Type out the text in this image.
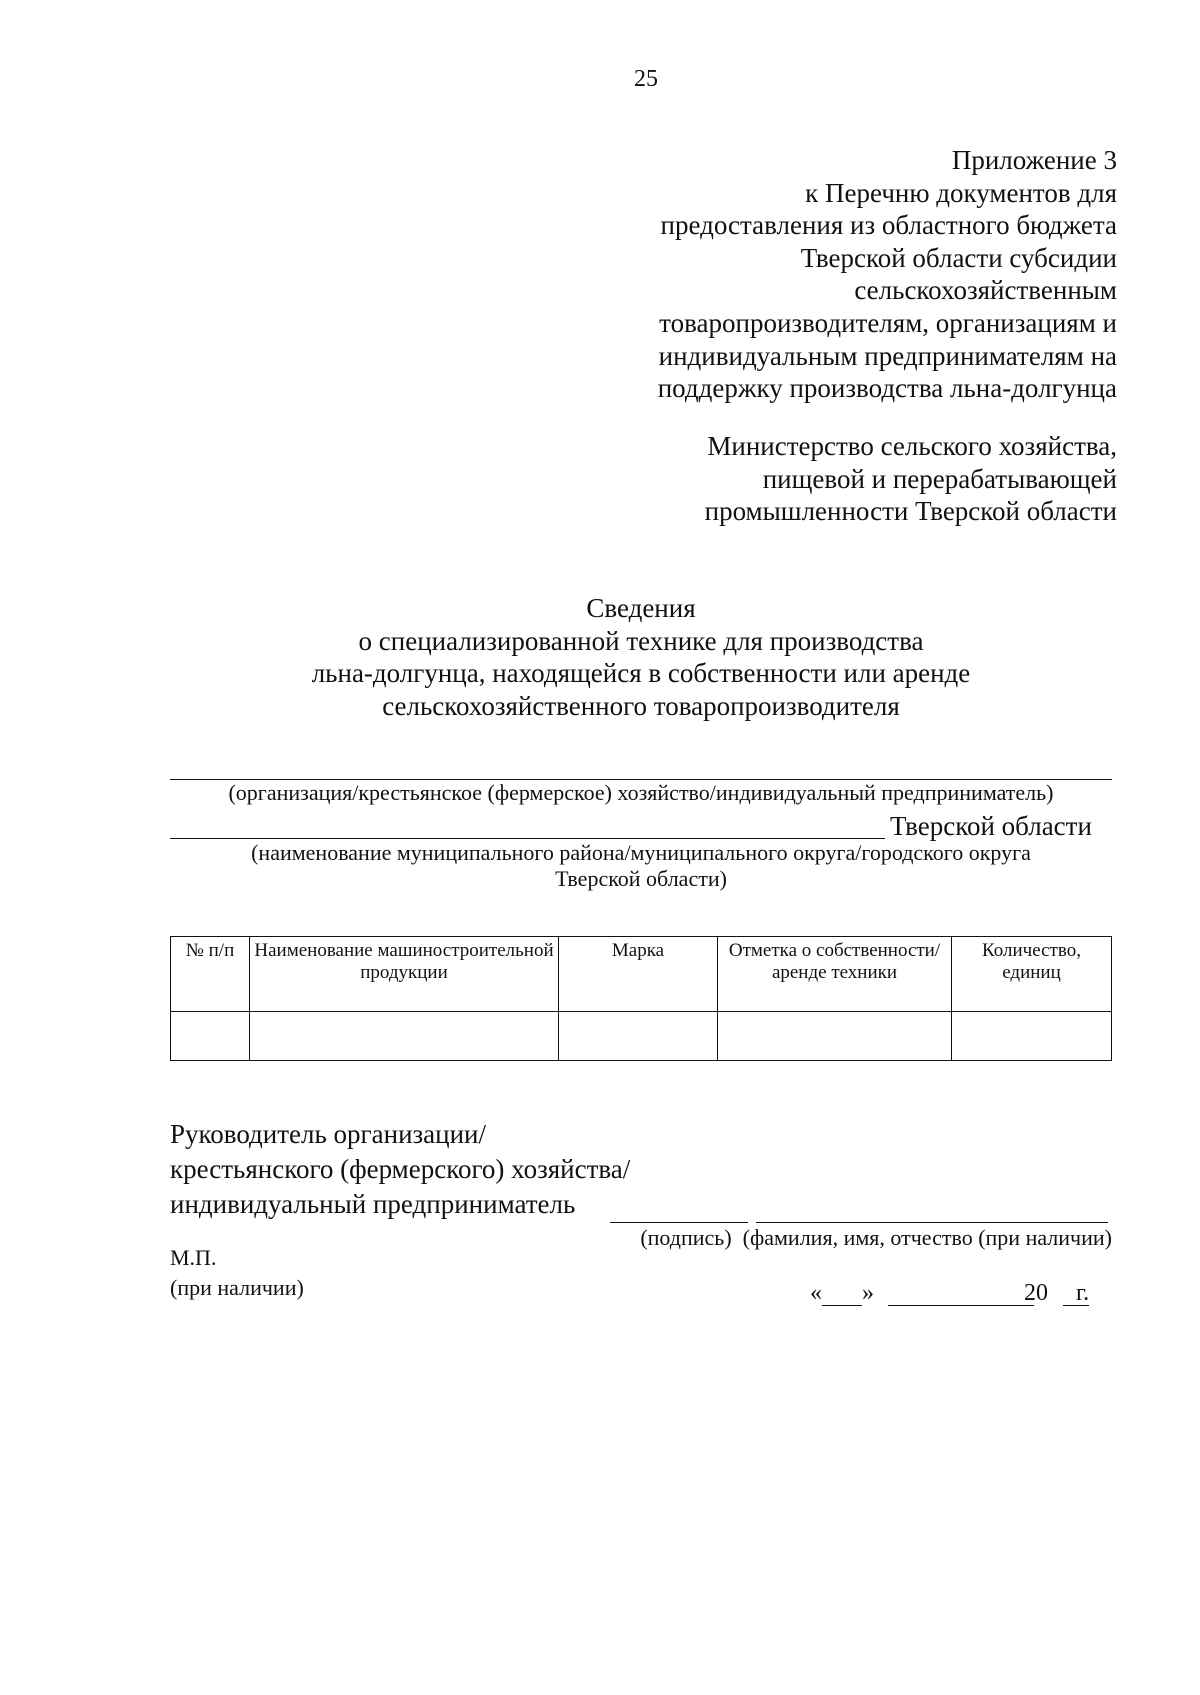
25
Приложение 3
к Перечню документов для
предоставления из областного бюджета
Тверской области субсидии
сельскохозяйственным
товаропроизводителям, организациям и
индивидуальным предпринимателям на
поддержку производства льна-долгунца
Министерство сельского хозяйства,
пищевой и перерабатывающей
промышленности Тверской области
Сведения
о специализированной технике для производства
льна-долгунца, находящейся в собственности или аренде
сельскохозяйственного товаропроизводителя
(организация/крестьянское (фермерское) хозяйство/индивидуальный предприниматель)
Тверской области
(наименование муниципального района/муниципального округа/городского округа
Тверской области)
№ п/п	Наименование машиностроительной продукции	Марка	Отметка о собственности/аренде техники	Количество, единиц

Руководитель организации/
крестьянского (фермерского) хозяйства/
индивидуальный предприниматель
(подпись) (фамилия, имя, отчество (при наличии)
М.П.
(при наличии)	« »	20 г.
